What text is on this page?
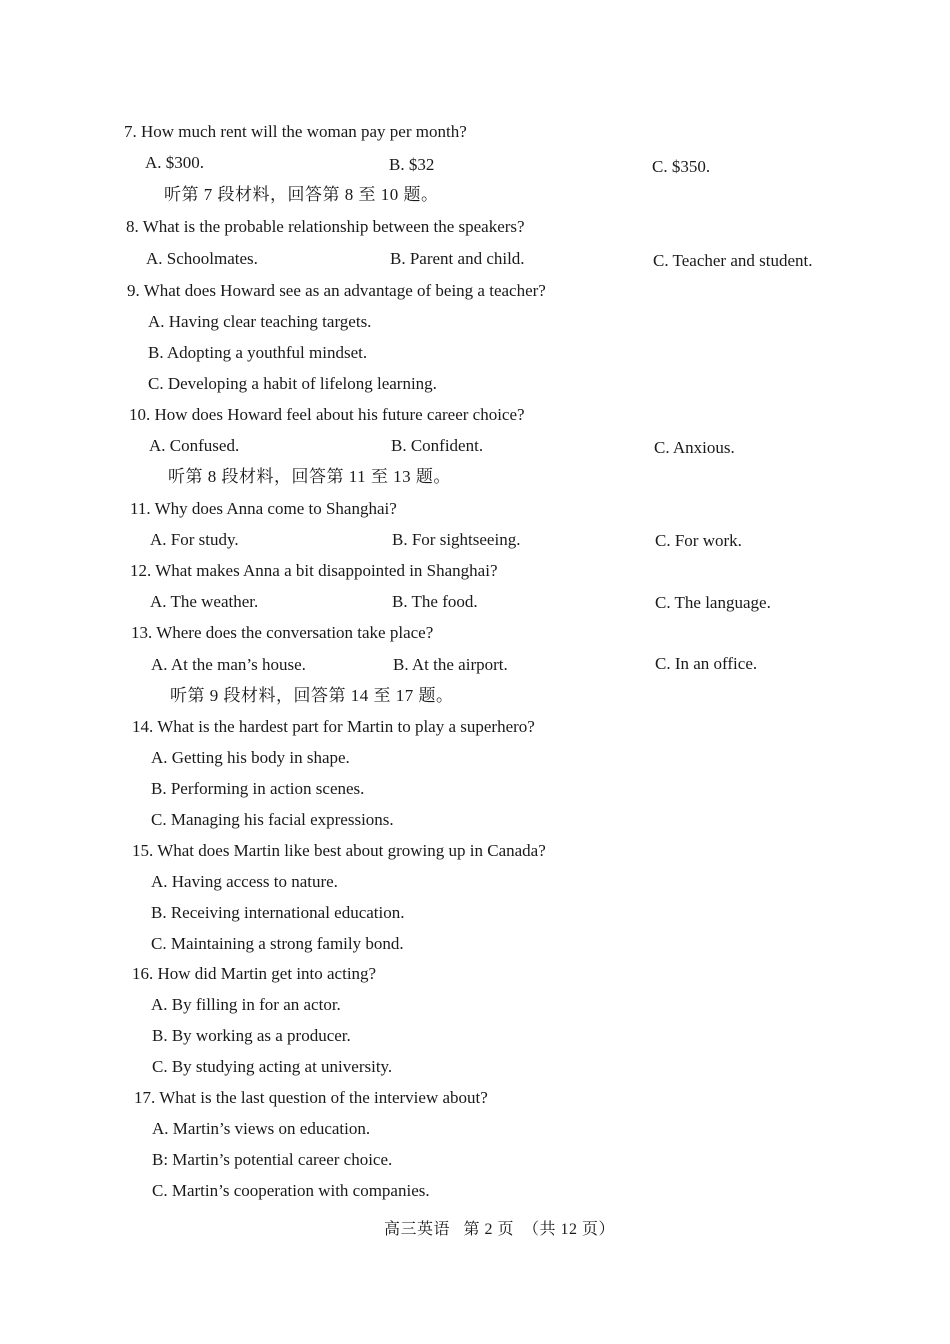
7. How much rent will the woman pay per month?
A. $300.	B. $32	C. $350.
听第 7 段材料，回答第 8 至 10 题。
8. What is the probable relationship between the speakers?
A. Schoolmates.	B. Parent and child.	C. Teacher and student.
9. What does Howard see as an advantage of being a teacher?
A. Having clear teaching targets.
B. Adopting a youthful mindset.
C. Developing a habit of lifelong learning.
10. How does Howard feel about his future career choice?
A. Confused.	B. Confident.	C. Anxious.
听第 8 段材料，回答第 11 至 13 题。
11. Why does Anna come to Shanghai?
A. For study.	B. For sightseeing.	C. For work.
12. What makes Anna a bit disappointed in Shanghai?
A. The weather.	B. The food.	C. The language.
13. Where does the conversation take place?
A. At the man’s house.	B. At the airport.	C. In an office.
听第 9 段材料，回答第 14 至 17 题。
14. What is the hardest part for Martin to play a superhero?
A. Getting his body in shape.
B. Performing in action scenes.
C. Managing his facial expressions.
15. What does Martin like best about growing up in Canada?
A. Having access to nature.
B. Receiving international education.
C. Maintaining a strong family bond.
16. How did Martin get into acting?
A. By filling in for an actor.
B. By working as a producer.
C. By studying acting at university.
17. What is the last question of the interview about?
A. Martin’s views on education.
B: Martin’s potential career choice.
C. Martin’s cooperation with companies.
高三英语 第 2 页 （共 12 页）
